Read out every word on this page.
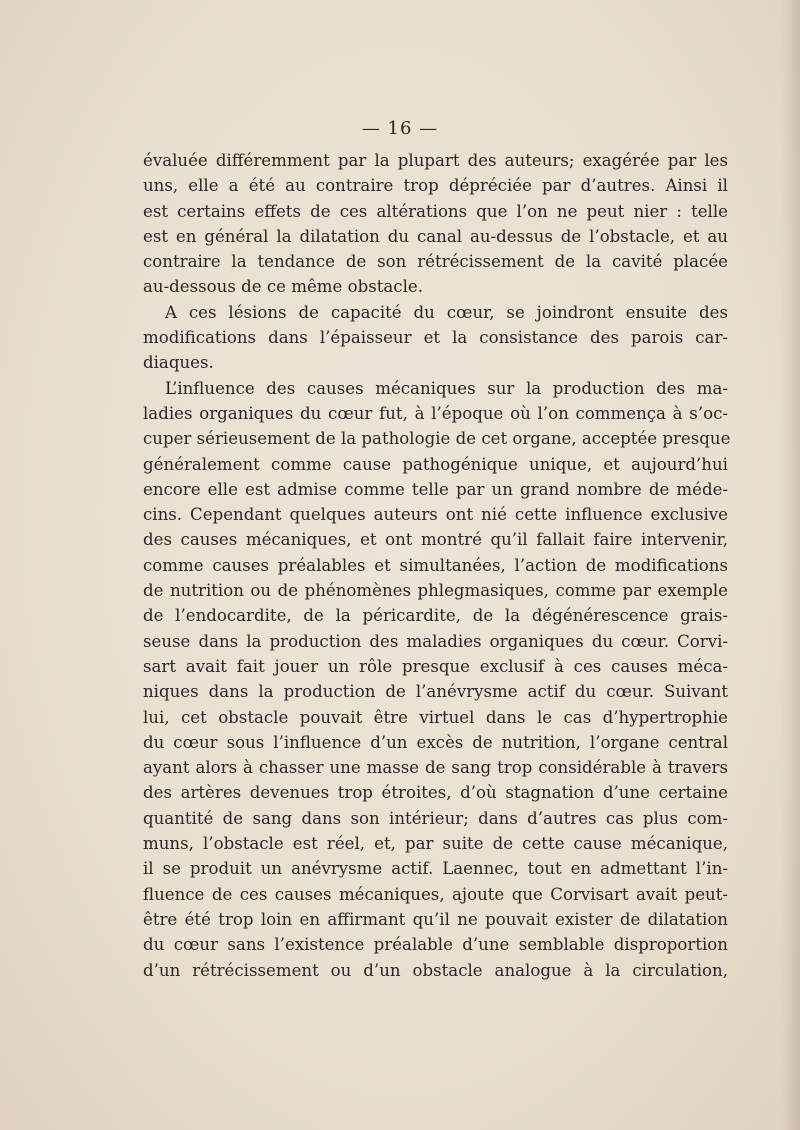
— 16 —
évaluée différemment par la plupart des auteurs; exagérée par les
uns, elle a été au contraire trop dépréciée par d’autres. Ainsi il
est certains effets de ces altérations que l’on ne peut nier : telle
est en général la dilatation du canal au-dessus de l’obstacle, et au
contraire la tendance de son rétrécissement de la cavité placée
au-dessous de ce même obstacle.
A ces lésions de capacité du cœur, se joindront ensuite des
modifications dans l’épaisseur et la consistance des parois car-
diaques.
L’influence des causes mécaniques sur la production des ma-
ladies organiques du cœur fut, à l’époque où l’on commença à s’oc-
cuper sérieusement de la pathologie de cet organe, acceptée presque
généralement comme cause pathogénique unique, et aujourd’hui
encore elle est admise comme telle par un grand nombre de méde-
cins. Cependant quelques auteurs ont nié cette influence exclusive
des causes mécaniques, et ont montré qu’il fallait faire intervenir,
comme causes préalables et simultanées, l’action de modifications
de nutrition ou de phénomènes phlegmasiques, comme par exemple
de l’endocardite, de la péricardite, de la dégénérescence grais-
seuse dans la production des maladies organiques du cœur. Corvi-
sart avait fait jouer un rôle presque exclusif à ces causes méca-
niques dans la production de l’anévrysme actif du cœur. Suivant
lui, cet obstacle pouvait être virtuel dans le cas d’hypertrophie
du cœur sous l’influence d’un excès de nutrition, l’organe central
ayant alors à chasser une masse de sang trop considérable à travers
des artères devenues trop étroites, d’où stagnation d’une certaine
quantité de sang dans son intérieur; dans d’autres cas plus com-
muns, l’obstacle est réel, et, par suite de cette cause mécanique,
il se produit un anévrysme actif. Laennec, tout en admettant l’in-
fluence de ces causes mécaniques, ajoute que Corvisart avait peut-
être été trop loin en affirmant qu’il ne pouvait exister de dilatation
du cœur sans l’existence préalable d’une semblable disproportion
d’un rétrécissement ou d’un obstacle analogue à la circulation,
